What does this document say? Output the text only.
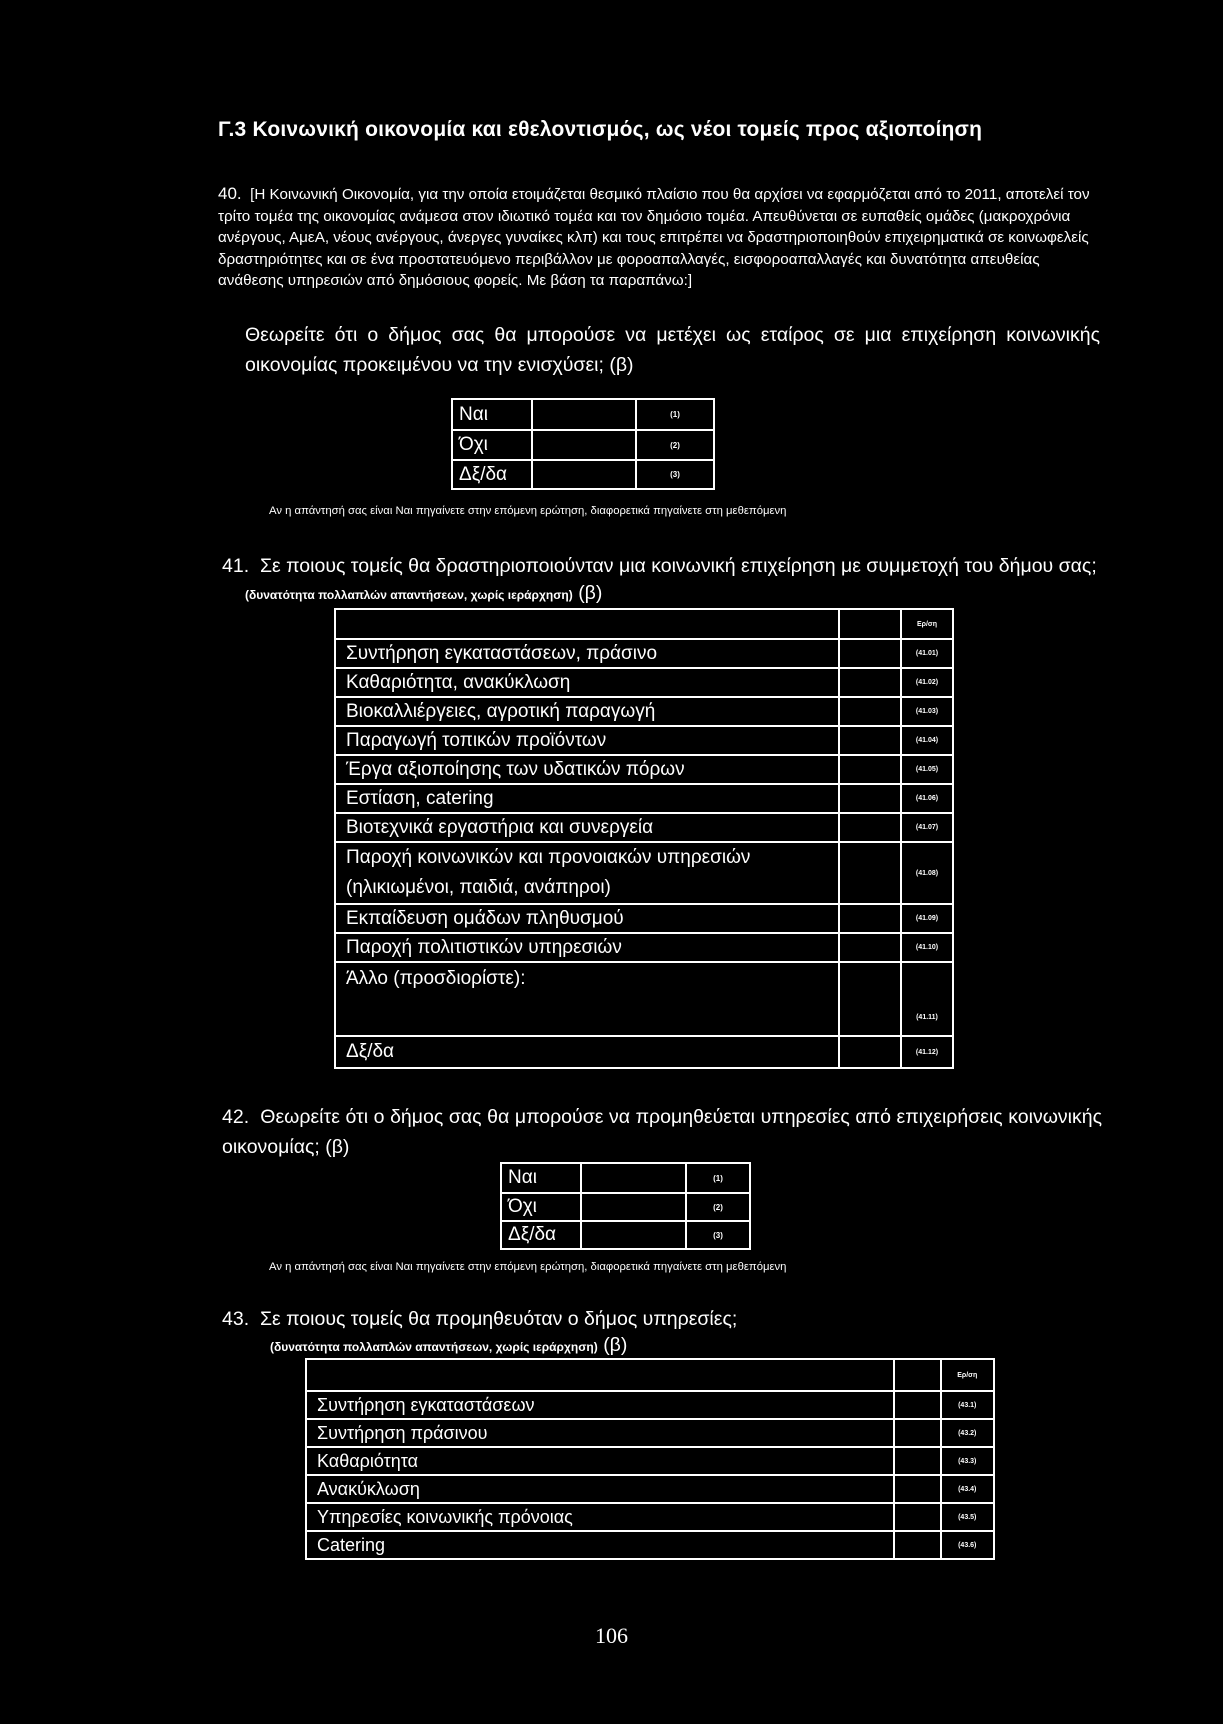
Γ.3 Κοινωνική οικονομία και εθελοντισμός, ως νέοι τομείς προς αξιοποίηση
40. [Η Κοινωνική Οικονομία, για την οποία ετοιμάζεται θεσμικό πλαίσιο που θα αρχίσει να εφαρμόζεται από το 2011, αποτελεί τον τρίτο τομέα της οικονομίας ανάμεσα στον ιδιωτικό τομέα και τον δημόσιο τομέα. Απευθύνεται σε ευπαθείς ομάδες (μακροχρόνια ανέργους, ΑμεΑ, νέους ανέργους, άνεργες γυναίκες κλπ) και τους επιτρέπει να δραστηριοποιηθούν επιχειρηματικά σε κοινωφελείς δραστηριότητες και σε ένα προστατευόμενο περιβάλλον με φοροαπαλλαγές, εισφοροαπαλλαγές και δυνατότητα απευθείας ανάθεσης υπηρεσιών από δημόσιους φορείς. Με βάση τα παραπάνω:]
Θεωρείτε ότι ο δήμος σας θα μπορούσε να μετέχει ως εταίρος σε μια επιχείρηση κοινωνικής οικονομίας προκειμένου να την ενισχύσει; (β)
Ναι		(1)
Όχι		(2)
Δξ/δα		(3)
Αν η απάντησή σας είναι Ναι πηγαίνετε στην επόμενη ερώτηση, διαφορετικά πηγαίνετε στη μεθεπόμενη
41. Σε ποιους τομείς θα δραστηριοποιούνταν μια κοινωνική επιχείρηση με συμμετοχή του δήμου σας;
(δυνατότητα πολλαπλών απαντήσεων, χωρίς ιεράρχηση) (β)
		Ερ/ση
Συντήρηση εγκαταστάσεων, πράσινο		(41.01)
Καθαριότητα, ανακύκλωση		(41.02)
Βιοκαλλιέργειες, αγροτική παραγωγή		(41.03)
Παραγωγή τοπικών προϊόντων		(41.04)
Έργα αξιοποίησης των υδατικών πόρων		(41.05)
Εστίαση, catering		(41.06)
Βιοτεχνικά εργαστήρια και συνεργεία		(41.07)
Παροχή κοινωνικών και προνοιακών υπηρεσιών
(ηλικιωμένοι, παιδιά, ανάπηροι)		(41.08)
Εκπαίδευση ομάδων πληθυσμού		(41.09)
Παροχή πολιτιστικών υπηρεσιών		(41.10)
Άλλο (προσδιορίστε):		(41.11)
Δξ/δα		(41.12)
42. Θεωρείτε ότι ο δήμος σας θα μπορούσε να προμηθεύεται υπηρεσίες από επιχειρήσεις κοινωνικής οικονομίας; (β)
Ναι		(1)
Όχι		(2)
Δξ/δα		(3)
Αν η απάντησή σας είναι Ναι πηγαίνετε στην επόμενη ερώτηση, διαφορετικά πηγαίνετε στη μεθεπόμενη
43. Σε ποιους τομείς θα προμηθευόταν ο δήμος υπηρεσίες;
(δυνατότητα πολλαπλών απαντήσεων, χωρίς ιεράρχηση) (β)
		Ερ/ση
Συντήρηση εγκαταστάσεων		(43.1)
Συντήρηση πράσινου		(43.2)
Καθαριότητα		(43.3)
Ανακύκλωση		(43.4)
Υπηρεσίες κοινωνικής πρόνοιας		(43.5)
Catering		(43.6)
106
